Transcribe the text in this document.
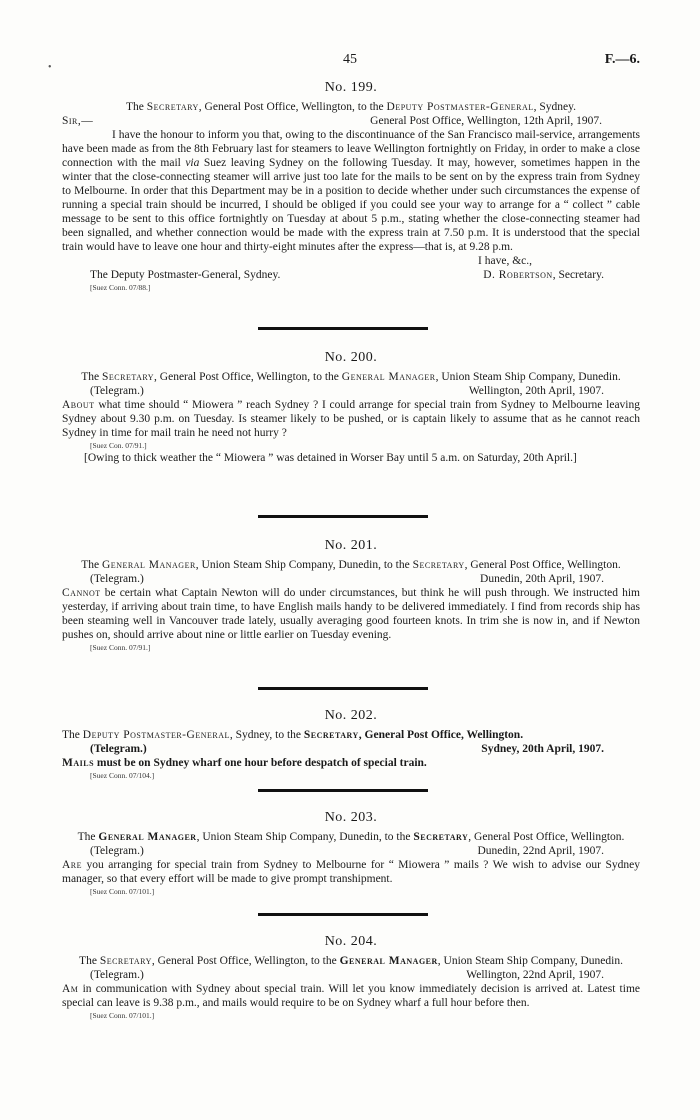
•
45	F.—6.
No. 199.
The Secretary, General Post Office, Wellington, to the Deputy Postmaster-General, Sydney.
Sir,—	General Post Office, Wellington, 12th April, 1907.
I have the honour to inform you that, owing to the discontinuance of the San Francisco mail-service, arrangements have been made as from the 8th February last for steamers to leave Wellington fortnightly on Friday, in order to make a close connection with the mail via Suez leaving Sydney on the following Tuesday. It may, however, sometimes happen in the winter that the close-connecting steamer will arrive just too late for the mails to be sent on by the express train from Sydney to Melbourne. In order that this Department may be in a position to decide whether under such circumstances the expense of running a special train should be incurred, I should be obliged if you could see your way to arrange for a “ collect ” cable message to be sent to this office fortnightly on Tuesday at about 5 p.m., stating whether the close-connecting steamer had been signalled, and whether connection would be made with the express train at 7.50 p.m. It is understood that the special train would have to leave one hour and thirty-eight minutes after the express—that is, at 9.28 p.m.
I have, &c.,
The Deputy Postmaster-General, Sydney.	D. Robertson, Secretary.
[Suez Conn. 07/88.]
No. 200.
The Secretary, General Post Office, Wellington, to the General Manager, Union Steam Ship Company, Dunedin.
(Telegram.)	Wellington, 20th April, 1907.
About what time should “ Miowera ” reach Sydney ? I could arrange for special train from Sydney to Melbourne leaving Sydney about 9.30 p.m. on Tuesday. Is steamer likely to be pushed, or is captain likely to assume that as he cannot reach Sydney in time for mail train he need not hurry ?
[Suez Con. 07/91.]
[Owing to thick weather the “ Miowera ” was detained in Worser Bay until 5 a.m. on Saturday, 20th April.]
No. 201.
The General Manager, Union Steam Ship Company, Dunedin, to the Secretary, General Post Office, Wellington.
(Telegram.)	Dunedin, 20th April, 1907.
Cannot be certain what Captain Newton will do under circumstances, but think he will push through. We instructed him yesterday, if arriving about train time, to have English mails handy to be delivered immediately. I find from records ship has been steaming well in Vancouver trade lately, usually averaging good fourteen knots. In trim she is now in, and if Newton pushes on, should arrive about nine or little earlier on Tuesday evening.
[Suez Conn. 07/91.]
No. 202.
The Deputy Postmaster-General, Sydney, to the Secretary, General Post Office, Wellington.
(Telegram.)	Sydney, 20th April, 1907.
Mails must be on Sydney wharf one hour before despatch of special train.
[Suez Conn. 07/104.]
No. 203.
The General Manager, Union Steam Ship Company, Dunedin, to the Secretary, General Post Office, Wellington.
(Telegram.)	Dunedin, 22nd April, 1907.
Are you arranging for special train from Sydney to Melbourne for “ Miowera ” mails ? We wish to advise our Sydney manager, so that every effort will be made to give prompt transhipment.
[Suez Conn. 07/101.]
No. 204.
The Secretary, General Post Office, Wellington, to the General Manager, Union Steam Ship Company, Dunedin.
(Telegram.)	Wellington, 22nd April, 1907.
Am in communication with Sydney about special train. Will let you know immediately decision is arrived at. Latest time special can leave is 9.38 p.m., and mails would require to be on Sydney wharf a full hour before then.
[Suez Conn. 07/101.]
